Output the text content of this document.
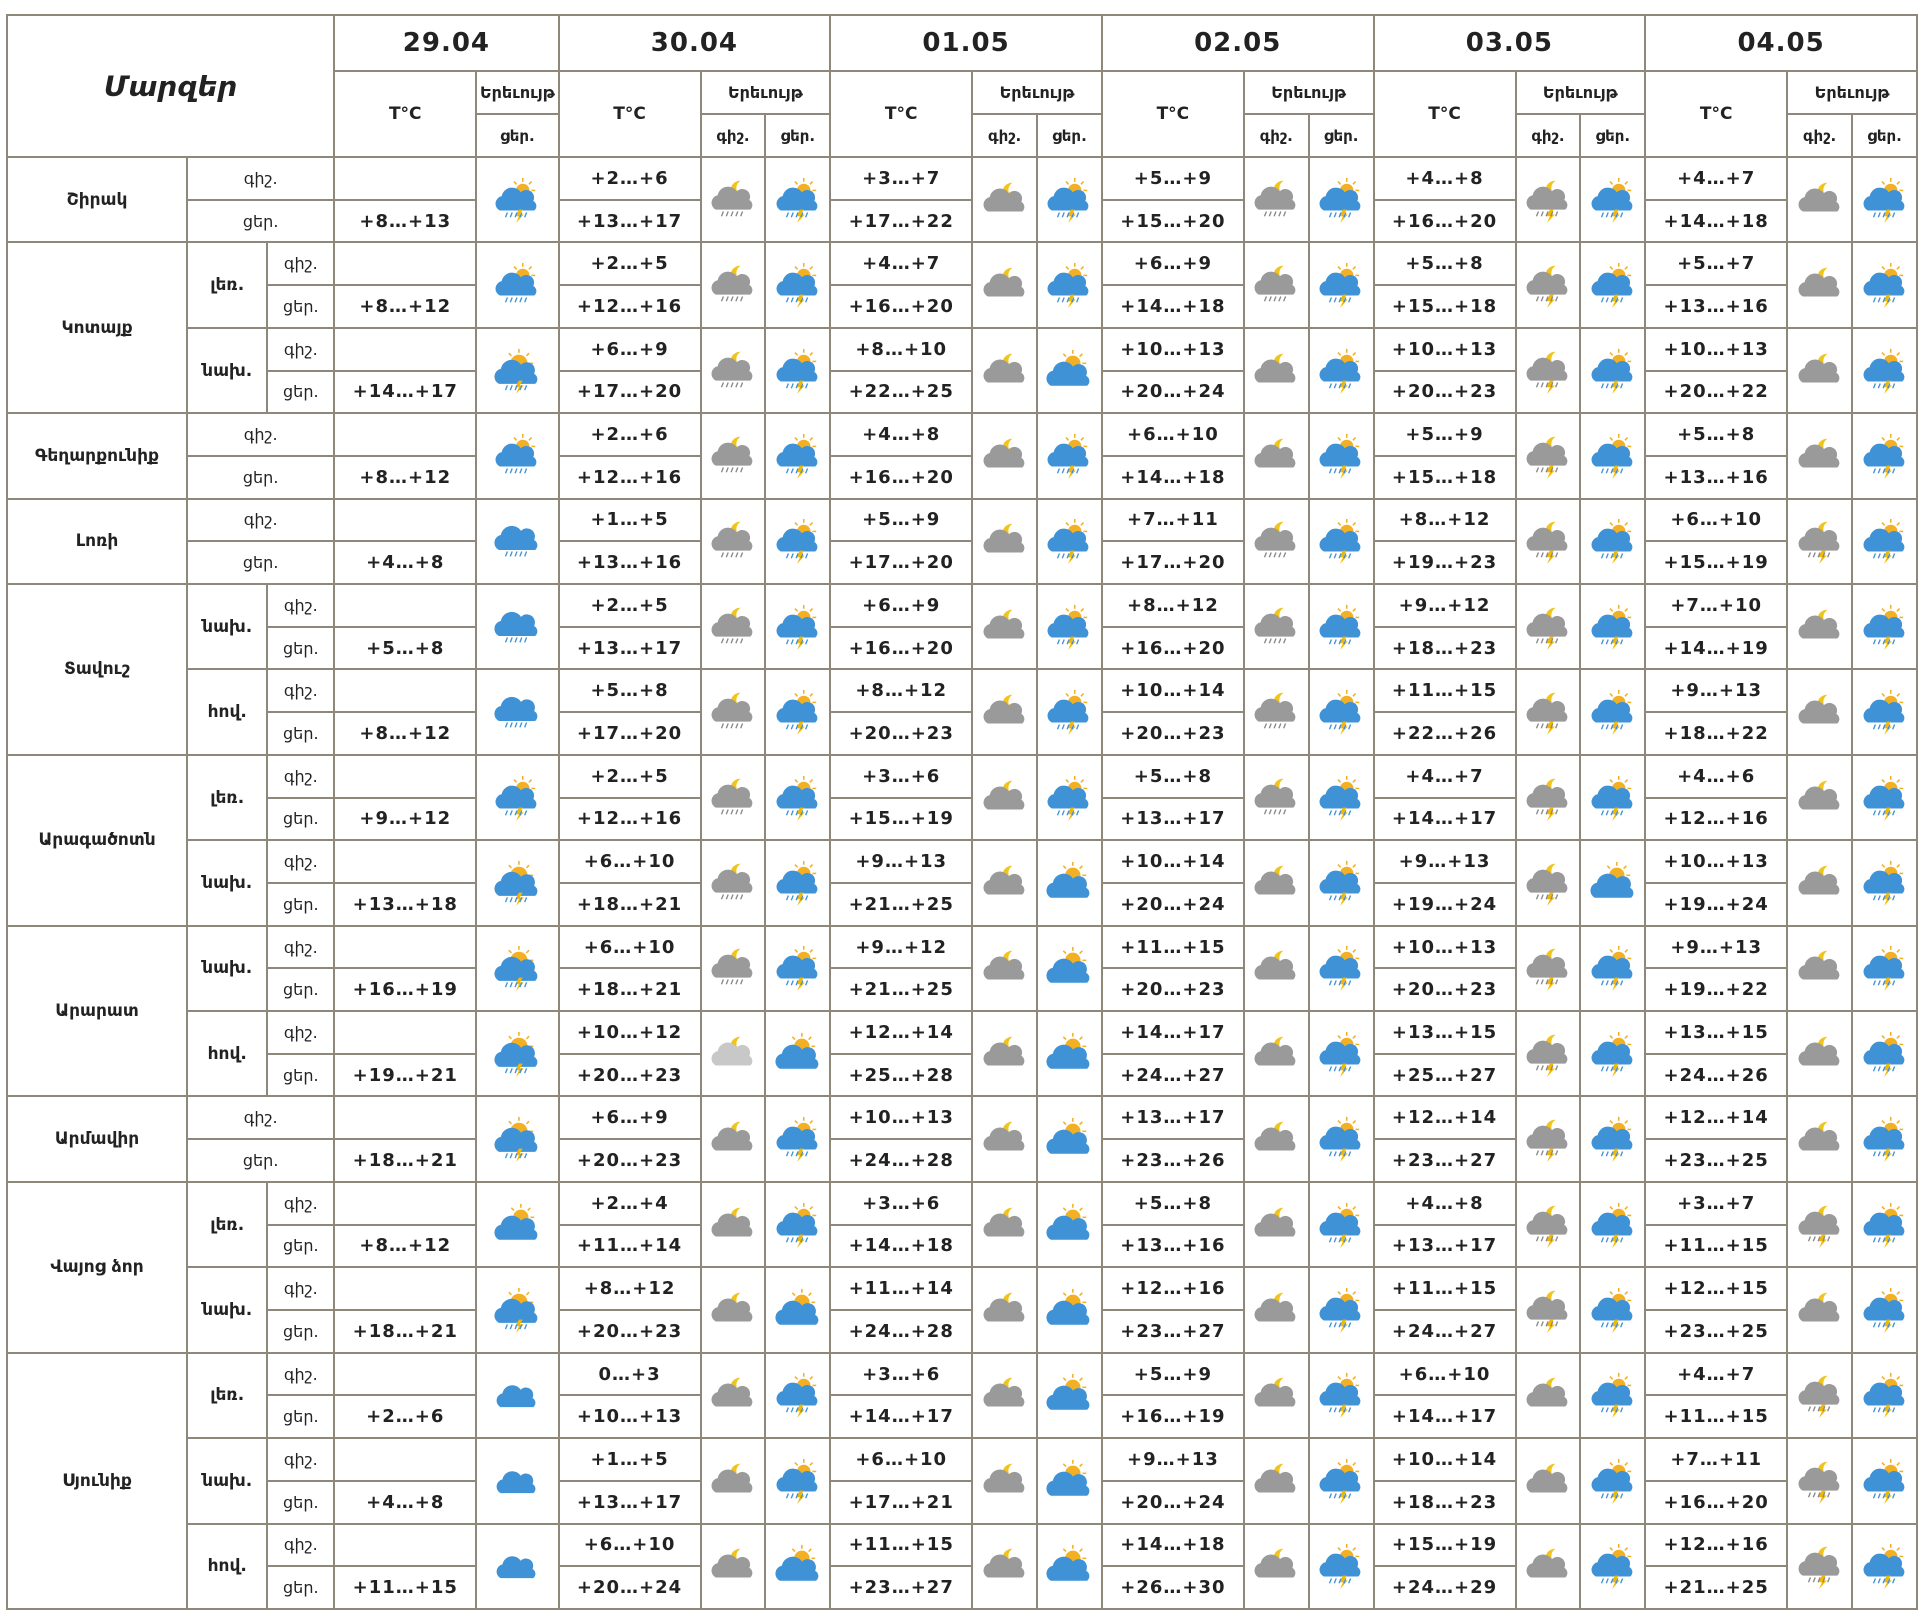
Մարզեր			29.04		30.04			01.05			02.05			03.05			04.05		
			T°C	Երեւույթ	T°C	Երեւույթ		T°C	Երեւույթ		T°C	Երեւույթ		T°C	Երեւույթ		T°C	Երեւույթ	
				ցեր.		գիշ.	ցեր.		գիշ.	ցեր.		գիշ.	ցեր.		գիշ.	ցեր.		գիշ.	ցեր.
Շիրակ	գիշ.				+2…+6			+3…+7			+5…+9			+4…+8			+4…+7	

	ցեր.		+8…+13		+13…+17			+17…+22			+15…+20			+16…+20			+14…+18		
Կոտայք	լեռ.	գիշ.			+2…+5			+4…+7			+6…+9			+5…+8			+5…+7	

		ցեր.	+8…+12		+12…+16			+16…+20			+14…+18			+15…+18			+13…+16		
	նախ.	գիշ.			+6…+9			+8…+10			+10…+13			+10…+13			+10…+13	

		ցեր.	+14…+17		+17…+20			+22…+25			+20…+24			+20…+23			+20…+22		
Գեղարքունիք	գիշ.				+2…+6			+4…+8			+6…+10			+5…+9			+5…+8	

	ցեր.		+8…+12		+12…+16			+16…+20			+14…+18			+15…+18			+13…+16		
Լոռի	գիշ.				+1…+5			+5…+9			+7…+11			+8…+12			+6…+10	

	ցեր.		+4…+8		+13…+16			+17…+20			+17…+20			+19…+23			+15…+19		
Տավուշ	նախ.	գիշ.			+2…+5			+6…+9			+8…+12			+9…+12			+7…+10	

		ցեր.	+5…+8		+13…+17			+16…+20			+16…+20			+18…+23			+14…+19		
	հով.	գիշ.			+5…+8			+8…+12			+10…+14			+11…+15			+9…+13	

		ցեր.	+8…+12		+17…+20			+20…+23			+20…+23			+22…+26			+18…+22		
Արագածոտն	լեռ.	գիշ.			+2…+5			+3…+6			+5…+8			+4…+7			+4…+6	

		ցեր.	+9…+12		+12…+16			+15…+19			+13…+17			+14…+17			+12…+16		
	նախ.	գիշ.			+6…+10			+9…+13			+10…+14			+9…+13			+10…+13	

		ցեր.	+13…+18		+18…+21			+21…+25			+20…+24			+19…+24			+19…+24		
Արարատ	նախ.	գիշ.			+6…+10			+9…+12			+11…+15			+10…+13			+9…+13	

		ցեր.	+16…+19		+18…+21			+21…+25			+20…+23			+20…+23			+19…+22		
	հով.	գիշ.			+10…+12			+12…+14			+14…+17			+13…+15			+13…+15	

		ցեր.	+19…+21		+20…+23			+25…+28			+24…+27			+25…+27			+24…+26		
Արմավիր	գիշ.				+6…+9			+10…+13			+13…+17			+12…+14			+12…+14	

	ցեր.		+18…+21		+20…+23			+24…+28			+23…+26			+23…+27			+23…+25		
Վայոց ձոր	լեռ.	գիշ.			+2…+4			+3…+6			+5…+8			+4…+8			+3…+7	

		ցեր.	+8…+12		+11…+14			+14…+18			+13…+16			+13…+17			+11…+15		
	նախ.	գիշ.			+8…+12			+11…+14			+12…+16			+11…+15			+12…+15	

		ցեր.	+18…+21		+20…+23			+24…+28			+23…+27			+24…+27			+23…+25		
Սյունիք	լեռ.	գիշ.			0…+3			+3…+6			+5…+9			+6…+10			+4…+7	

		ցեր.	+2…+6		+10…+13			+14…+17			+16…+19			+14…+17			+11…+15		
	նախ.	գիշ.			+1…+5			+6…+10			+9…+13			+10…+14			+7…+11	

		ցեր.	+4…+8		+13…+17			+17…+21			+20…+24			+18…+23			+16…+20		
	հով.	գիշ.			+6…+10			+11…+15			+14…+18			+15…+19			+12…+16	

		ցեր.	+11…+15		+20…+24			+23…+27			+26…+30			+24…+29			+21…+25		
